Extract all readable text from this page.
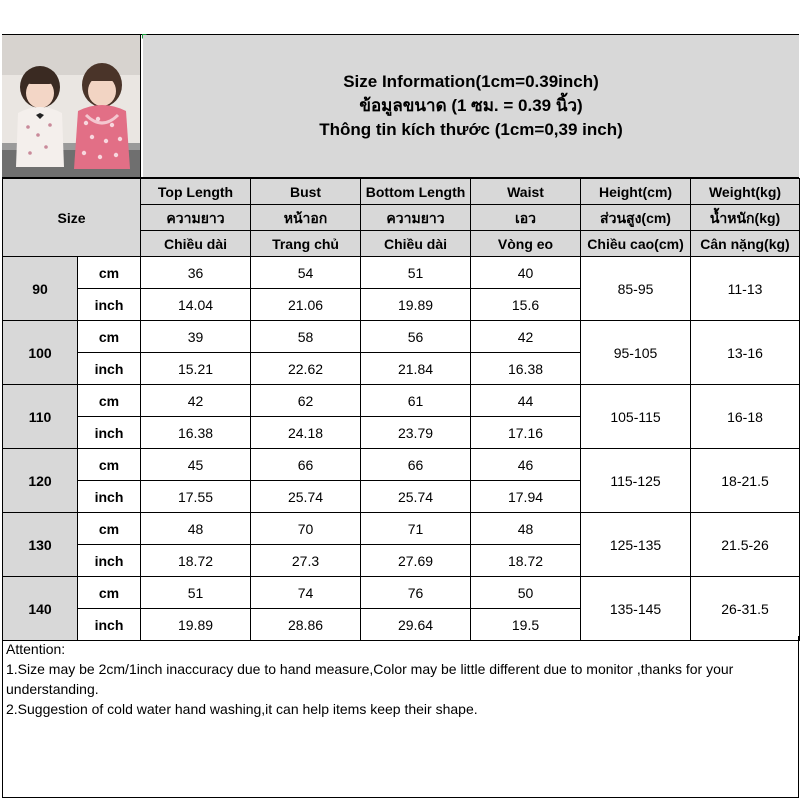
Size Information(1cm=0.39inch)
ข้อมูลขนาด (1 ซม. = 0.39 นิ้ว)
Thông tin kích thước (1cm=0,39 inch)
Size		Top Length	Bust	Bottom Length	Waist	Height(cm)	Weight(kg)
		ความยาว	หน้าอก	ความยาว	เอว	ส่วนสูง(cm)	น้ำหนัก(kg)
		Chiều dài	Trang chủ	Chiều dài	Vòng eo	Chiều cao(cm)	Cân nặng(kg)
90	cm	36	54	51	40	85-95	11-13
	inch	14.04	21.06	19.89	15.6		
100	cm	39	58	56	42	95-105	13-16
	inch	15.21	22.62	21.84	16.38		
110	cm	42	62	61	44	105-115	16-18
	inch	16.38	24.18	23.79	17.16		
120	cm	45	66	66	46	115-125	18-21.5
	inch	17.55	25.74	25.74	17.94		
130	cm	48	70	71	48	125-135	21.5-26
	inch	18.72	27.3	27.69	18.72		
140	cm	51	74	76	50	135-145	26-31.5
	inch	19.89	28.86	29.64	19.5		
Attention:
1.Size may be 2cm/1inch inaccuracy due to hand measure,Color may be little different due to monitor ,thanks for your understanding.
2.Suggestion of cold water hand washing,it can help items keep their shape.
